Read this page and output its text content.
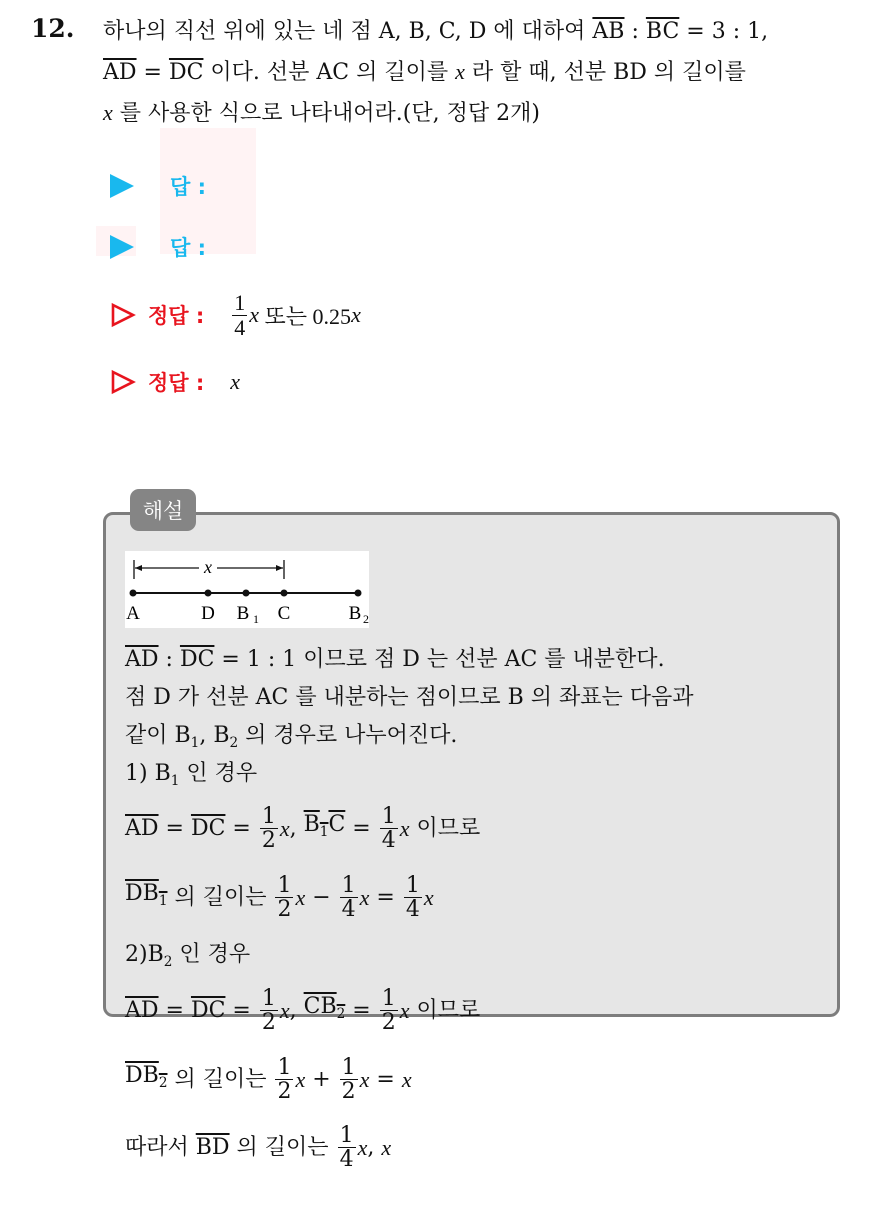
12. 하나의 직선 위에 있는 네 점 A, B, C, D 에 대하여 $\overline{AB}$ : $\overline{BC} = 3$ : 1,
$\overline{AD} = \overline{DC}$ 이다. 선분 AC 의 길이를 x 라 할 때, 선분 BD 의 길이를
x 를 사용한 식으로 나타내어라.(단, 정답 2개)
답 :
답 :
정답 : $\frac{1}{4}$ x 또는 0.25 x
정답 : x
해설
x
A	D B 1 C	B 2
$\overline{AD}$ : $\overline{DC} = 1$ : 1 이므로 점 D 는 선분 AC 를 내분한다.
점 D 가 선분 AC 를 내분하는 점이므로 B 의 좌표는 다음과
같이 $B_1$, $B_2$ 의 경우로 나누어진다.
1) $B_1$ 인 경우
$\overline{AD} = \overline{DC} = \frac{1}{2}$ x , $B_1C = \frac{1}{4}$ x 이므로
$DB_1$ 의 길이는 $\frac{1}{2}$ $x - \frac{1}{4}$ $x = \frac{1}{4}$ x
$2)B_2$ 인 경우
$\overline{AD} = \overline{DC} = \frac{1}{2}$ x , $CB_2 = \frac{1}{2}$ x 이므로
$DB_2$ 의 길이는 $\frac{1}{2}$ $x + \frac{1}{2}$ x = x
따라서 $\overline{BD}$ 의 길이는 $\frac{1}{4}$ x , x
